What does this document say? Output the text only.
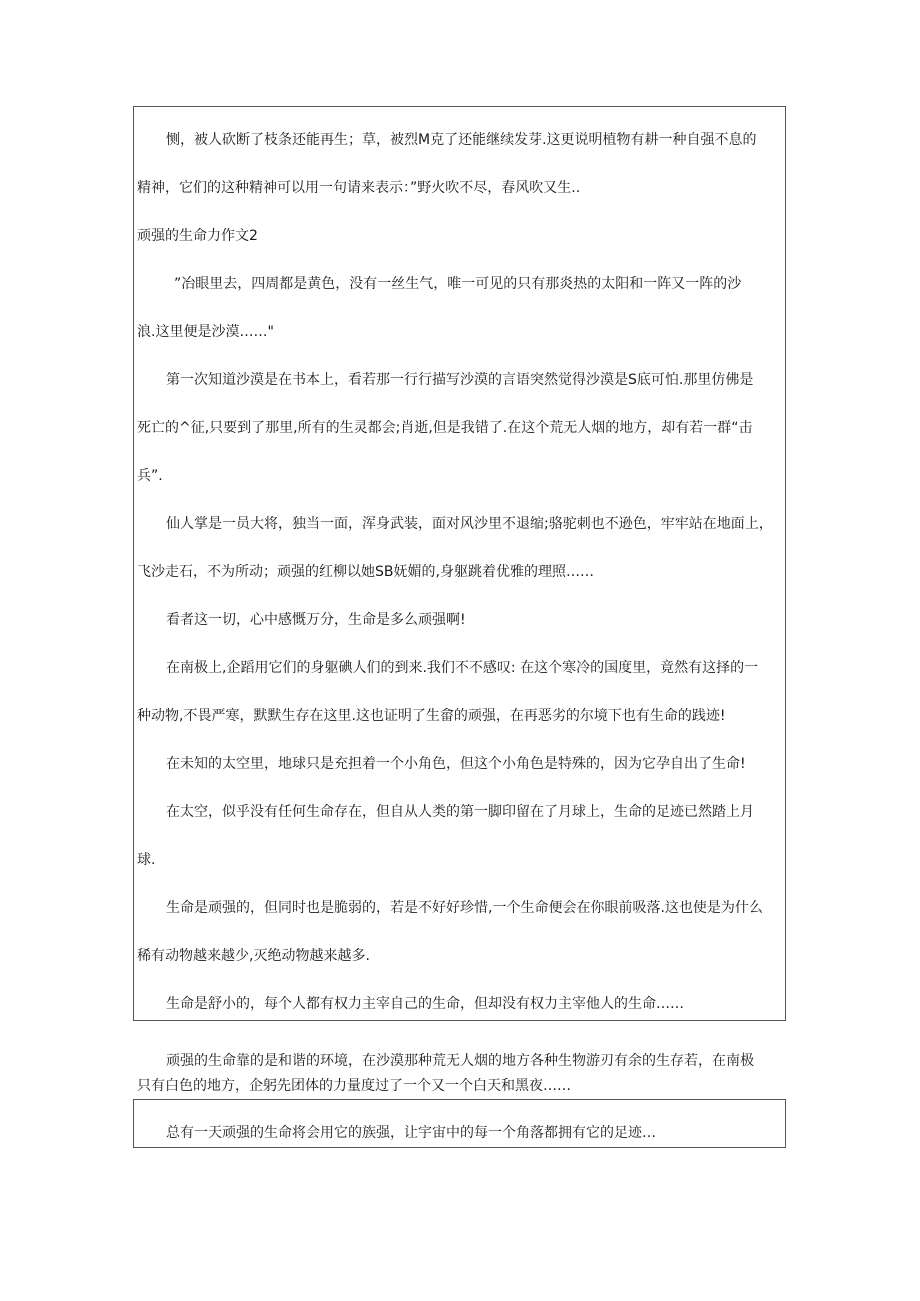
恻，被人砍断了枝条还能再生；草，被烈M克了还能继续发芽.这更说明植物有耕一种自强不息的
精神，它们的这种精神可以用一句请来表示：”野火吹不尽，春风吹又生..
顽强的生命力作文2
”冶眼里去，四周都是黄色，没有一丝生气，唯一可见的只有那炎热的太阳和一阵又一阵的沙
浪.这里便是沙漠……"
第一次知道沙漠是在书本上，看若那一行行描写沙漠的言语突然觉得沙漠是S底可怕.那里仿佛是
死亡的^征,只要到了那里,所有的生灵都会;肖逝,但是我错了.在这个荒无人烟的地方，却有若一群“击
兵”.
仙人掌是一员大将，独当一面，浑身武装，面对风沙里不退缩;骆驼刺也不逊色，牢牢站在地面上，
飞沙走石，不为所动；顽强的红柳以她SB妩媚的,身躯跳着优雅的理照……
看者这一切，心中感慨万分，生命是多么顽强啊!
在南极上,企蹈用它们的身躯碘人们的到来.我们不不感叹: 在这个寒冷的国度里，竟然有这择的一
种动物,不畏严寒，默默生存在这里.这也证明了生畲的顽强，在再恶劣的尔境下也有生命的践迹!
在未知的太空里，地球只是充担着一个小角色，但这个小角色是特殊的，因为它孕自出了生命!
在太空，似乎没有任何生命存在，但自从人类的第一脚印留在了月球上，生命的足迹已然踏上月
球.
生命是顽强的，但同时也是脆弱的，若是不好好珍惜,一个生命便会在你眼前吸落.这也使是为什么
稀有动物越来越少,灭绝动物越来越多.
生命是舒小的，每个人都有权力主宰自己的生命，但却没有权力主宰他人的生命……
顽强的生命靠的是和谐的环境，在沙漠那种荒无人烟的地方各种生物游刃有余的生存若，在南极
只有白色的地方，企躬先团体的力量度过了一个又一个白天和黑夜……
总有一天顽强的生命将会用它的族强，让宇宙中的每一个角落都拥有它的足迹…
